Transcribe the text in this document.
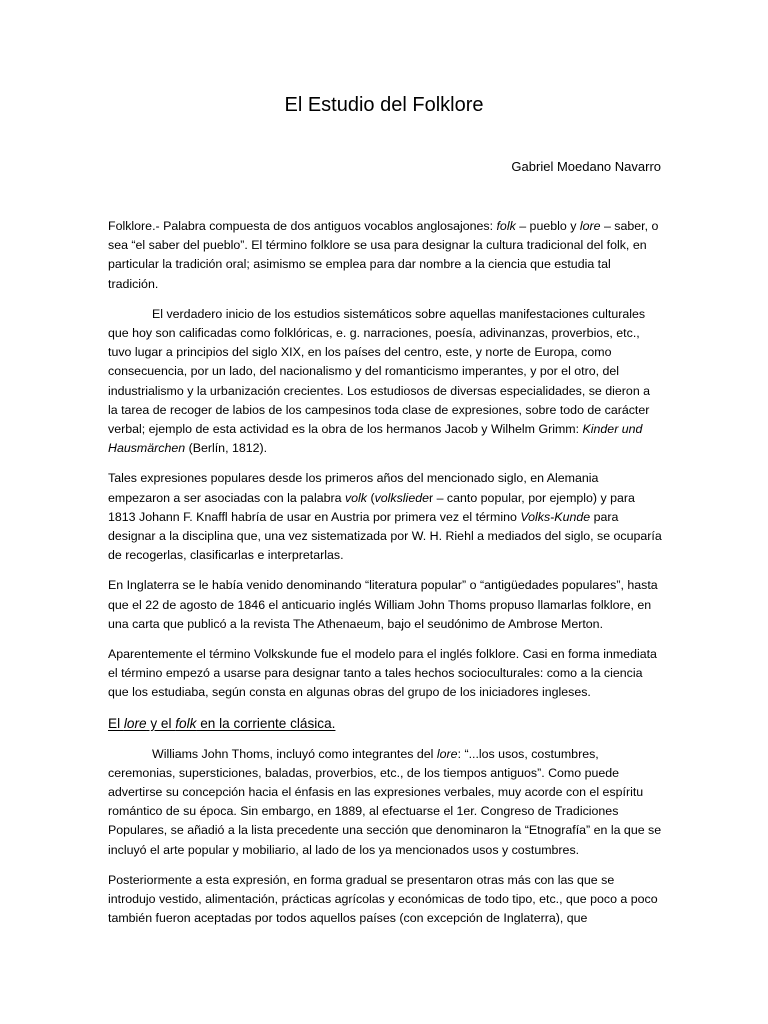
El Estudio del Folklore
Gabriel Moedano Navarro

Folklore.- Palabra compuesta de dos antiguos vocablos anglosajones: folk – pueblo y lore – saber, o sea “el saber del pueblo”. El término folklore se usa para designar la cultura tradicional del folk, en particular la tradición oral; asimismo se emplea para dar nombre a la ciencia que estudia tal tradición.

El verdadero inicio de los estudios sistemáticos sobre aquellas manifestaciones culturales que hoy son calificadas como folklóricas, e. g. narraciones, poesía, adivinanzas, proverbios, etc., tuvo lugar a principios del siglo XIX, en los países del centro, este, y norte de Europa, como consecuencia, por un lado, del nacionalismo y del romanticismo imperantes, y por el otro, del industrialismo y la urbanización crecientes. Los estudiosos de diversas especialidades, se dieron a la tarea de recoger de labios de los campesinos toda clase de expresiones, sobre todo de carácter verbal; ejemplo de esta actividad es la obra de los hermanos Jacob y Wilhelm Grimm: Kinder und Hausmärchen (Berlín, 1812).

Tales expresiones populares desde los primeros años del mencionado siglo, en Alemania empezaron a ser asociadas con la palabra volk (volkslieder – canto popular, por ejemplo) y para 1813 Johann F. Knaffl habría de usar en Austria por primera vez el término Volks-Kunde para designar a la disciplina que, una vez sistematizada por W. H. Riehl a mediados del siglo, se ocuparía de recogerlas, clasificarlas e interpretarlas.

En Inglaterra se le había venido denominando “literatura popular” o “antigüedades populares”, hasta que el 22 de agosto de 1846 el anticuario inglés William John Thoms propuso llamarlas folklore, en una carta que publicó a la revista The Athenaeum, bajo el seudónimo de Ambrose Merton.

Aparentemente el término Volkskunde fue el modelo para el inglés folklore. Casi en forma inmediata el término empezó a usarse para designar tanto a tales hechos socioculturales: como a la ciencia que los estudiaba, según consta en algunas obras del grupo de los iniciadores ingleses.

El lore y el folk en la corriente clásica.

Williams John Thoms, incluyó como integrantes del lore: “...los usos, costumbres, ceremonias, supersticiones, baladas, proverbios, etc., de los tiempos antiguos”. Como puede advertirse su concepción hacia el énfasis en las expresiones verbales, muy acorde con el espíritu romántico de su época. Sin embargo, en 1889, al efectuarse el 1er. Congreso de Tradiciones Populares, se añadió a la lista precedente una sección que denominaron la “Etnografía” en la que se incluyó el arte popular y mobiliario, al lado de los ya mencionados usos y costumbres.

Posteriormente a esta expresión, en forma gradual se presentaron otras más con las que se introdujo vestido, alimentación, prácticas agrícolas y económicas de todo tipo, etc., que poco a poco también fueron aceptadas por todos aquellos países (con excepción de Inglaterra), que
